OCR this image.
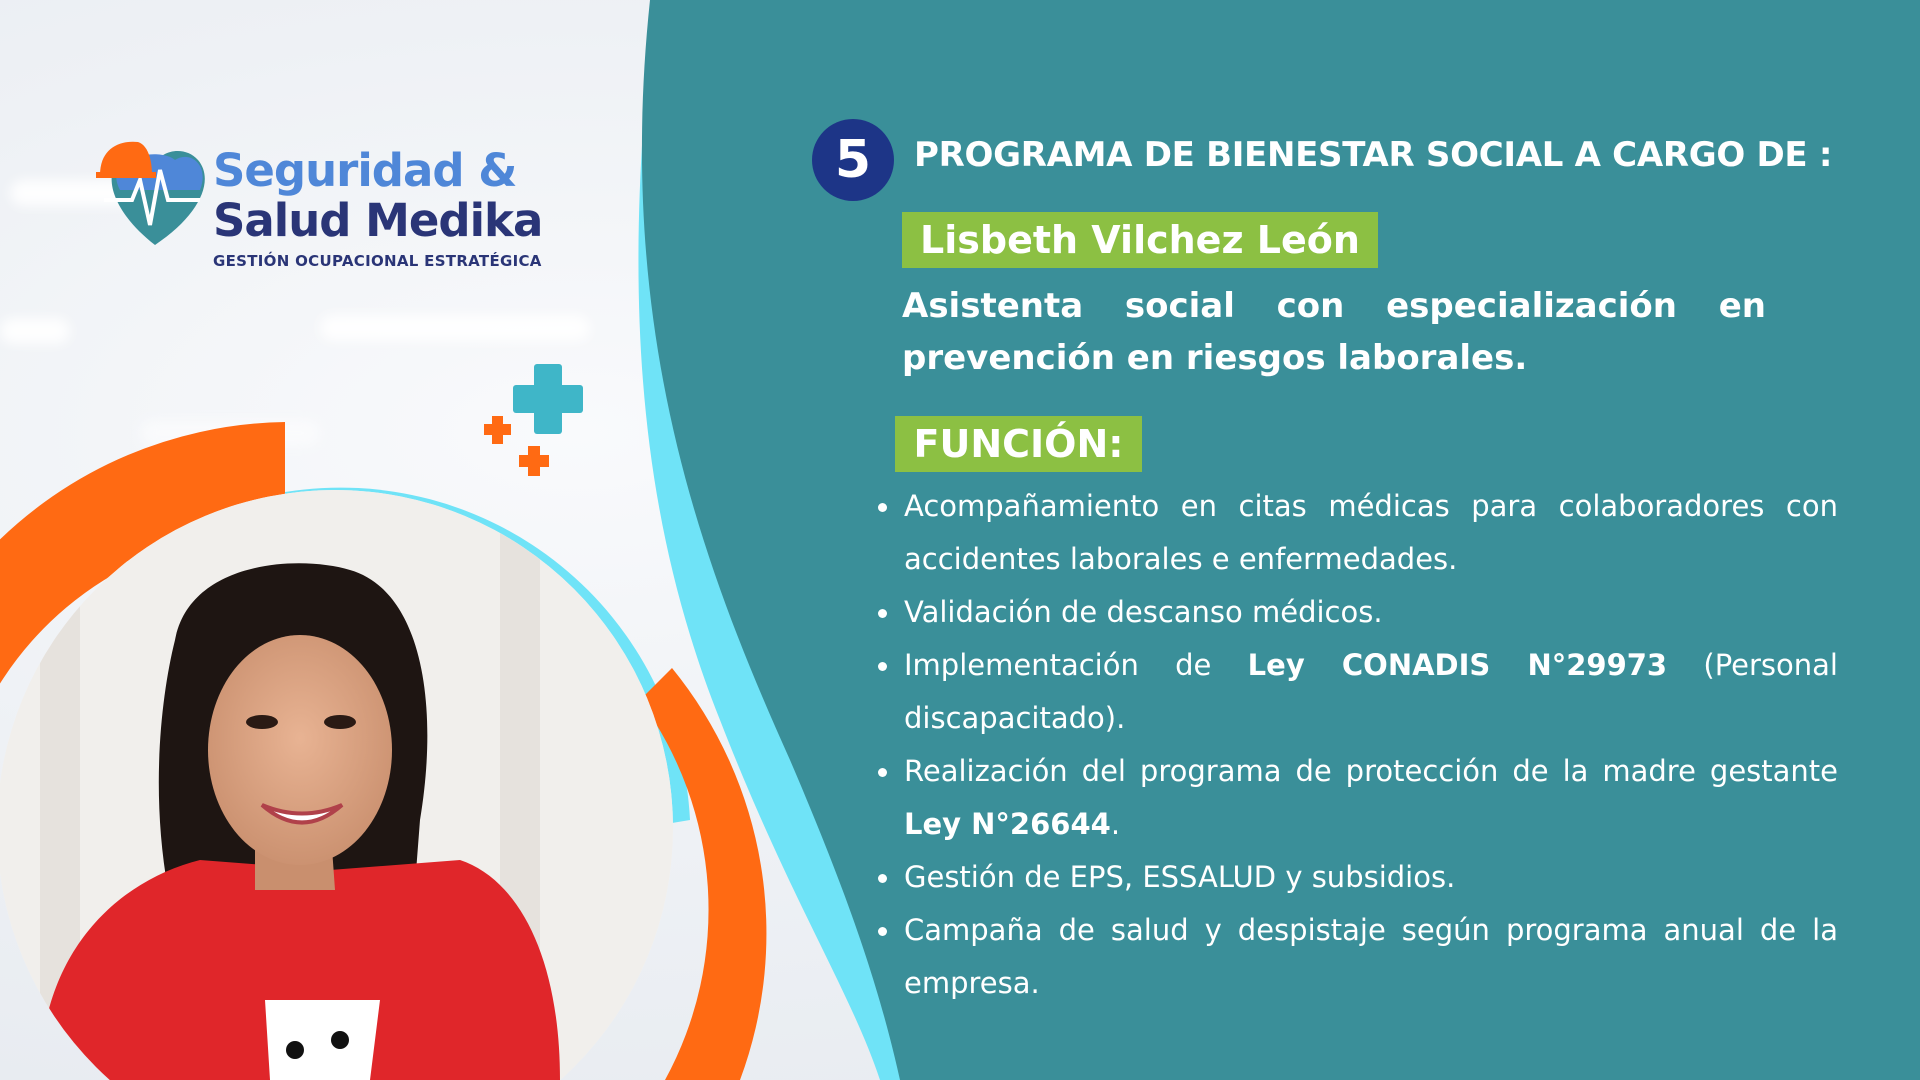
Seguridad &
Salud Medika
GESTIÓN OCUPACIONAL ESTRATÉGICA
5	PROGRAMA DE BIENESTAR SOCIAL A CARGO DE :
Lisbeth Vilchez León
Asistenta social con especialización en prevención en riesgos laborales.
FUNCIÓN:
Acompañamiento en citas médicas para colaboradores con accidentes laborales e enfermedades.
Validación de descanso médicos.
Implementación de Ley CONADIS N°29973 (Personal discapacitado).
Realización del programa de protección de la madre gestante Ley N°26644.
Gestión de EPS, ESSALUD y subsidios.
Campaña de salud y despistaje según programa anual de la empresa.
